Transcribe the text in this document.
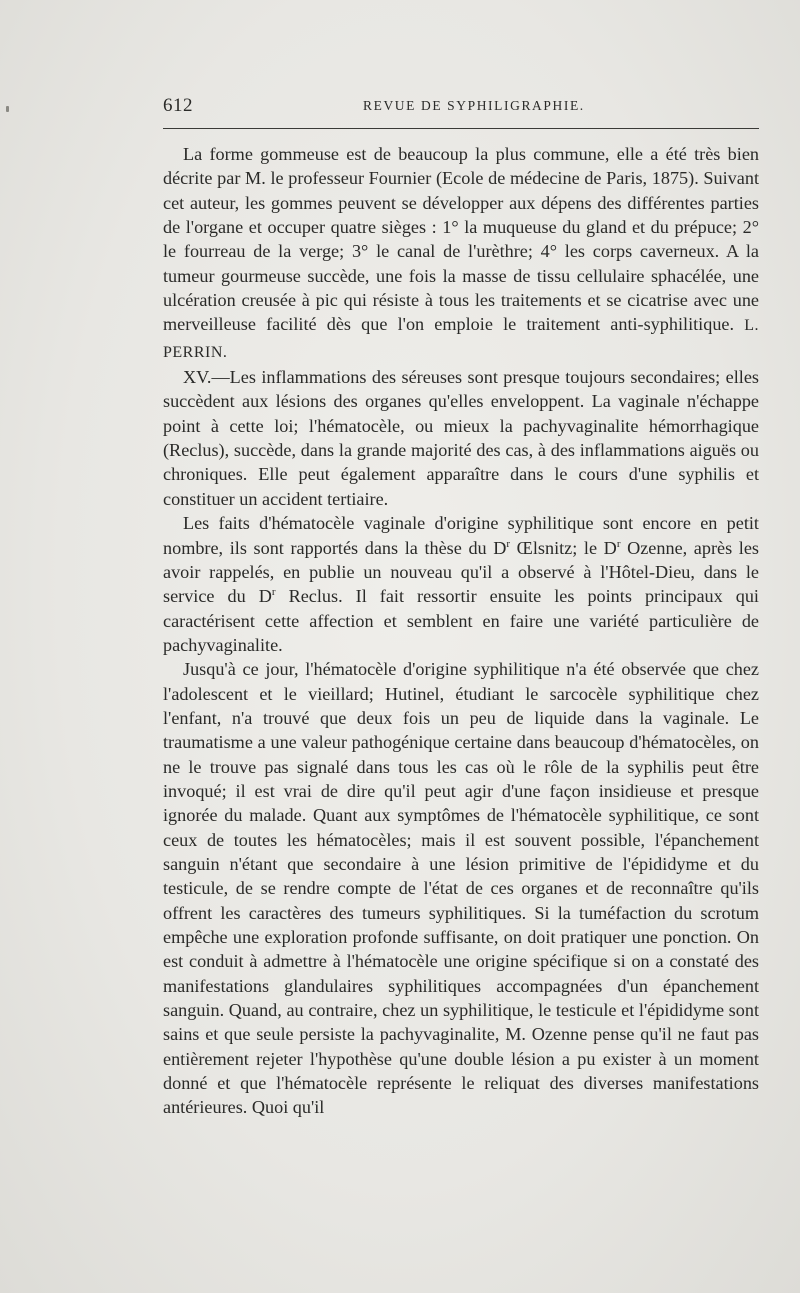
612	REVUE DE SYPHILIGRAPHIE.

La forme gommeuse est de beaucoup la plus commune, elle a été très bien décrite par M. le professeur Fournier (Ecole de médecine de Paris, 1875). Suivant cet auteur, les gommes peuvent se développer aux dépens des différentes parties de l'organe et occuper quatre sièges : 1° la muqueuse du gland et du prépuce; 2° le fourreau de la verge; 3° le canal de l'urèthre; 4° les corps caverneux. A la tumeur gourmeuse succède, une fois la masse de tissu cellulaire sphacélée, une ulcération creusée à pic qui résiste à tous les traitements et se cicatrise avec une merveilleuse facilité dès que l'on emploie le traitement anti-syphilitique. L. PERRIN.

XV.—Les inflammations des séreuses sont presque toujours secondaires; elles succèdent aux lésions des organes qu'elles enveloppent. La vaginale n'échappe point à cette loi; l'hématocèle, ou mieux la pachyvaginalite hémorrhagique (Reclus), succède, dans la grande majorité des cas, à des inflammations aiguës ou chroniques. Elle peut également apparaître dans le cours d'une syphilis et constituer un accident tertiaire.

Les faits d'hématocèle vaginale d'origine syphilitique sont encore en petit nombre, ils sont rapportés dans la thèse du $D^r$ Œlsnitz; le $D^r$ Ozenne, après les avoir rappelés, en publie un nouveau qu'il a observé à l'Hôtel-Dieu, dans le service du $D^r$ Reclus. Il fait ressortir ensuite les points principaux qui caractérisent cette affection et semblent en faire une variété particulière de pachyvaginalite.

Jusqu'à ce jour, l'hématocèle d'origine syphilitique n'a été observée que chez l'adolescent et le vieillard; Hutinel, étudiant le sarcocèle syphilitique chez l'enfant, n'a trouvé que deux fois un peu de liquide dans la vaginale. Le traumatisme a une valeur pathogénique certaine dans beaucoup d'hématocèles, on ne le trouve pas signalé dans tous les cas où le rôle de la syphilis peut être invoqué; il est vrai de dire qu'il peut agir d'une façon insidieuse et presque ignorée du malade. Quant aux symptômes de l'hématocèle syphilitique, ce sont ceux de toutes les hématocèles; mais il est souvent possible, l'épanchement sanguin n'étant que secondaire à une lésion primitive de l'épididyme et du testicule, de se rendre compte de l'état de ces organes et de reconnaître qu'ils offrent les caractères des tumeurs syphilitiques. Si la tuméfaction du scrotum empêche une exploration profonde suffisante, on doit pratiquer une ponction. On est conduit à admettre à l'hématocèle une origine spécifique si on a constaté des manifestations glandulaires syphilitiques accompagnées d'un épanchement sanguin. Quand, au contraire, chez un syphilitique, le testicule et l'épididyme sont sains et que seule persiste la pachyvaginalite, M. Ozenne pense qu'il ne faut pas entièrement rejeter l'hypothèse qu'une double lésion a pu exister à un moment donné et que l'hématocèle représente le reliquat des diverses manifestations antérieures. Quoi qu'il
